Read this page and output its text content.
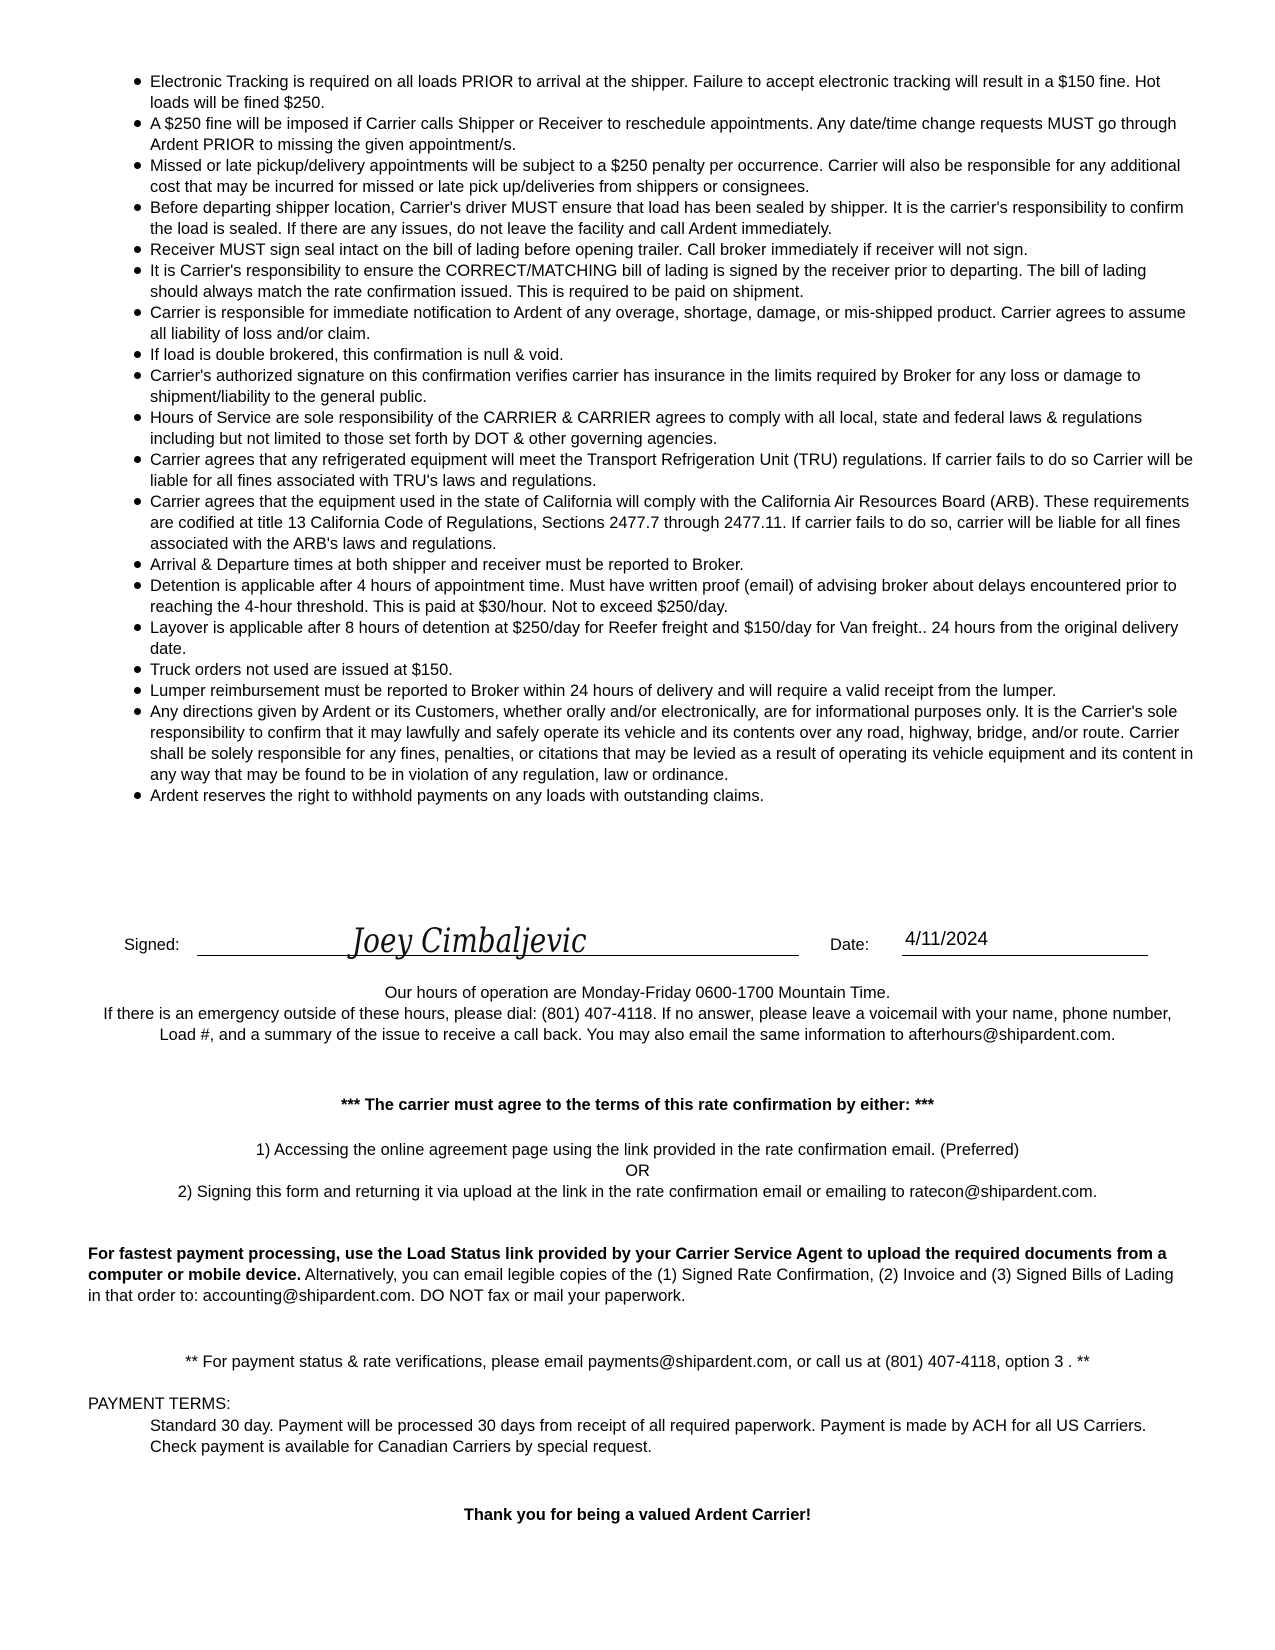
Electronic Tracking is required on all loads PRIOR to arrival at the shipper. Failure to accept electronic tracking will result in a $150 fine. Hot loads will be fined $250.
A $250 fine will be imposed if Carrier calls Shipper or Receiver to reschedule appointments. Any date/time change requests MUST go through Ardent PRIOR to missing the given appointment/s.
Missed or late pickup/delivery appointments will be subject to a $250 penalty per occurrence. Carrier will also be responsible for any additional cost that may be incurred for missed or late pick up/deliveries from shippers or consignees.
Before departing shipper location, Carrier's driver MUST ensure that load has been sealed by shipper. It is the carrier's responsibility to confirm the load is sealed. If there are any issues, do not leave the facility and call Ardent immediately.
Receiver MUST sign seal intact on the bill of lading before opening trailer. Call broker immediately if receiver will not sign.
It is Carrier's responsibility to ensure the CORRECT/MATCHING bill of lading is signed by the receiver prior to departing. The bill of lading should always match the rate confirmation issued. This is required to be paid on shipment.
Carrier is responsible for immediate notification to Ardent of any overage, shortage, damage, or mis-shipped product. Carrier agrees to assume all liability of loss and/or claim.
If load is double brokered, this confirmation is null & void.
Carrier's authorized signature on this confirmation verifies carrier has insurance in the limits required by Broker for any loss or damage to shipment/liability to the general public.
Hours of Service are sole responsibility of the CARRIER & CARRIER agrees to comply with all local, state and federal laws & regulations including but not limited to those set forth by DOT & other governing agencies.
Carrier agrees that any refrigerated equipment will meet the Transport Refrigeration Unit (TRU) regulations. If carrier fails to do so Carrier will be liable for all fines associated with TRU's laws and regulations.
Carrier agrees that the equipment used in the state of California will comply with the California Air Resources Board (ARB). These requirements are codified at title 13 California Code of Regulations, Sections 2477.7 through 2477.11. If carrier fails to do so, carrier will be liable for all fines associated with the ARB's laws and regulations.
Arrival & Departure times at both shipper and receiver must be reported to Broker.
Detention is applicable after 4 hours of appointment time. Must have written proof (email) of advising broker about delays encountered prior to reaching the 4-hour threshold. This is paid at $30/hour. Not to exceed $250/day.
Layover is applicable after 8 hours of detention at $250/day for Reefer freight and $150/day for Van freight.. 24 hours from the original delivery date.
Truck orders not used are issued at $150.
Lumper reimbursement must be reported to Broker within 24 hours of delivery and will require a valid receipt from the lumper.
Any directions given by Ardent or its Customers, whether orally and/or electronically, are for informational purposes only. It is the Carrier's sole responsibility to confirm that it may lawfully and safely operate its vehicle and its contents over any road, highway, bridge, and/or route. Carrier shall be solely responsible for any fines, penalties, or citations that may be levied as a result of operating its vehicle equipment and its content in any way that may be found to be in violation of any regulation, law or ordinance.
Ardent reserves the right to withhold payments on any loads with outstanding claims.
Signed:	Joey Cimbaljevic	Date: 4/11/2024
Our hours of operation are Monday-Friday 0600-1700 Mountain Time.
If there is an emergency outside of these hours, please dial: (801) 407-4118. If no answer, please leave a voicemail with your name, phone number, Load #, and a summary of the issue to receive a call back. You may also email the same information to afterhours@shipardent.com.
*** The carrier must agree to the terms of this rate confirmation by either: ***
1) Accessing the online agreement page using the link provided in the rate confirmation email. (Preferred)
OR
2) Signing this form and returning it via upload at the link in the rate confirmation email or emailing to ratecon@shipardent.com.
For fastest payment processing, use the Load Status link provided by your Carrier Service Agent to upload the required documents from a computer or mobile device. Alternatively, you can email legible copies of the (1) Signed Rate Confirmation, (2) Invoice and (3) Signed Bills of Lading in that order to: accounting@shipardent.com. DO NOT fax or mail your paperwork.
** For payment status & rate verifications, please email payments@shipardent.com, or call us at (801) 407-4118, option 3 . **
PAYMENT TERMS:
Standard 30 day. Payment will be processed 30 days from receipt of all required paperwork. Payment is made by ACH for all US Carriers. Check payment is available for Canadian Carriers by special request.
Thank you for being a valued Ardent Carrier!
